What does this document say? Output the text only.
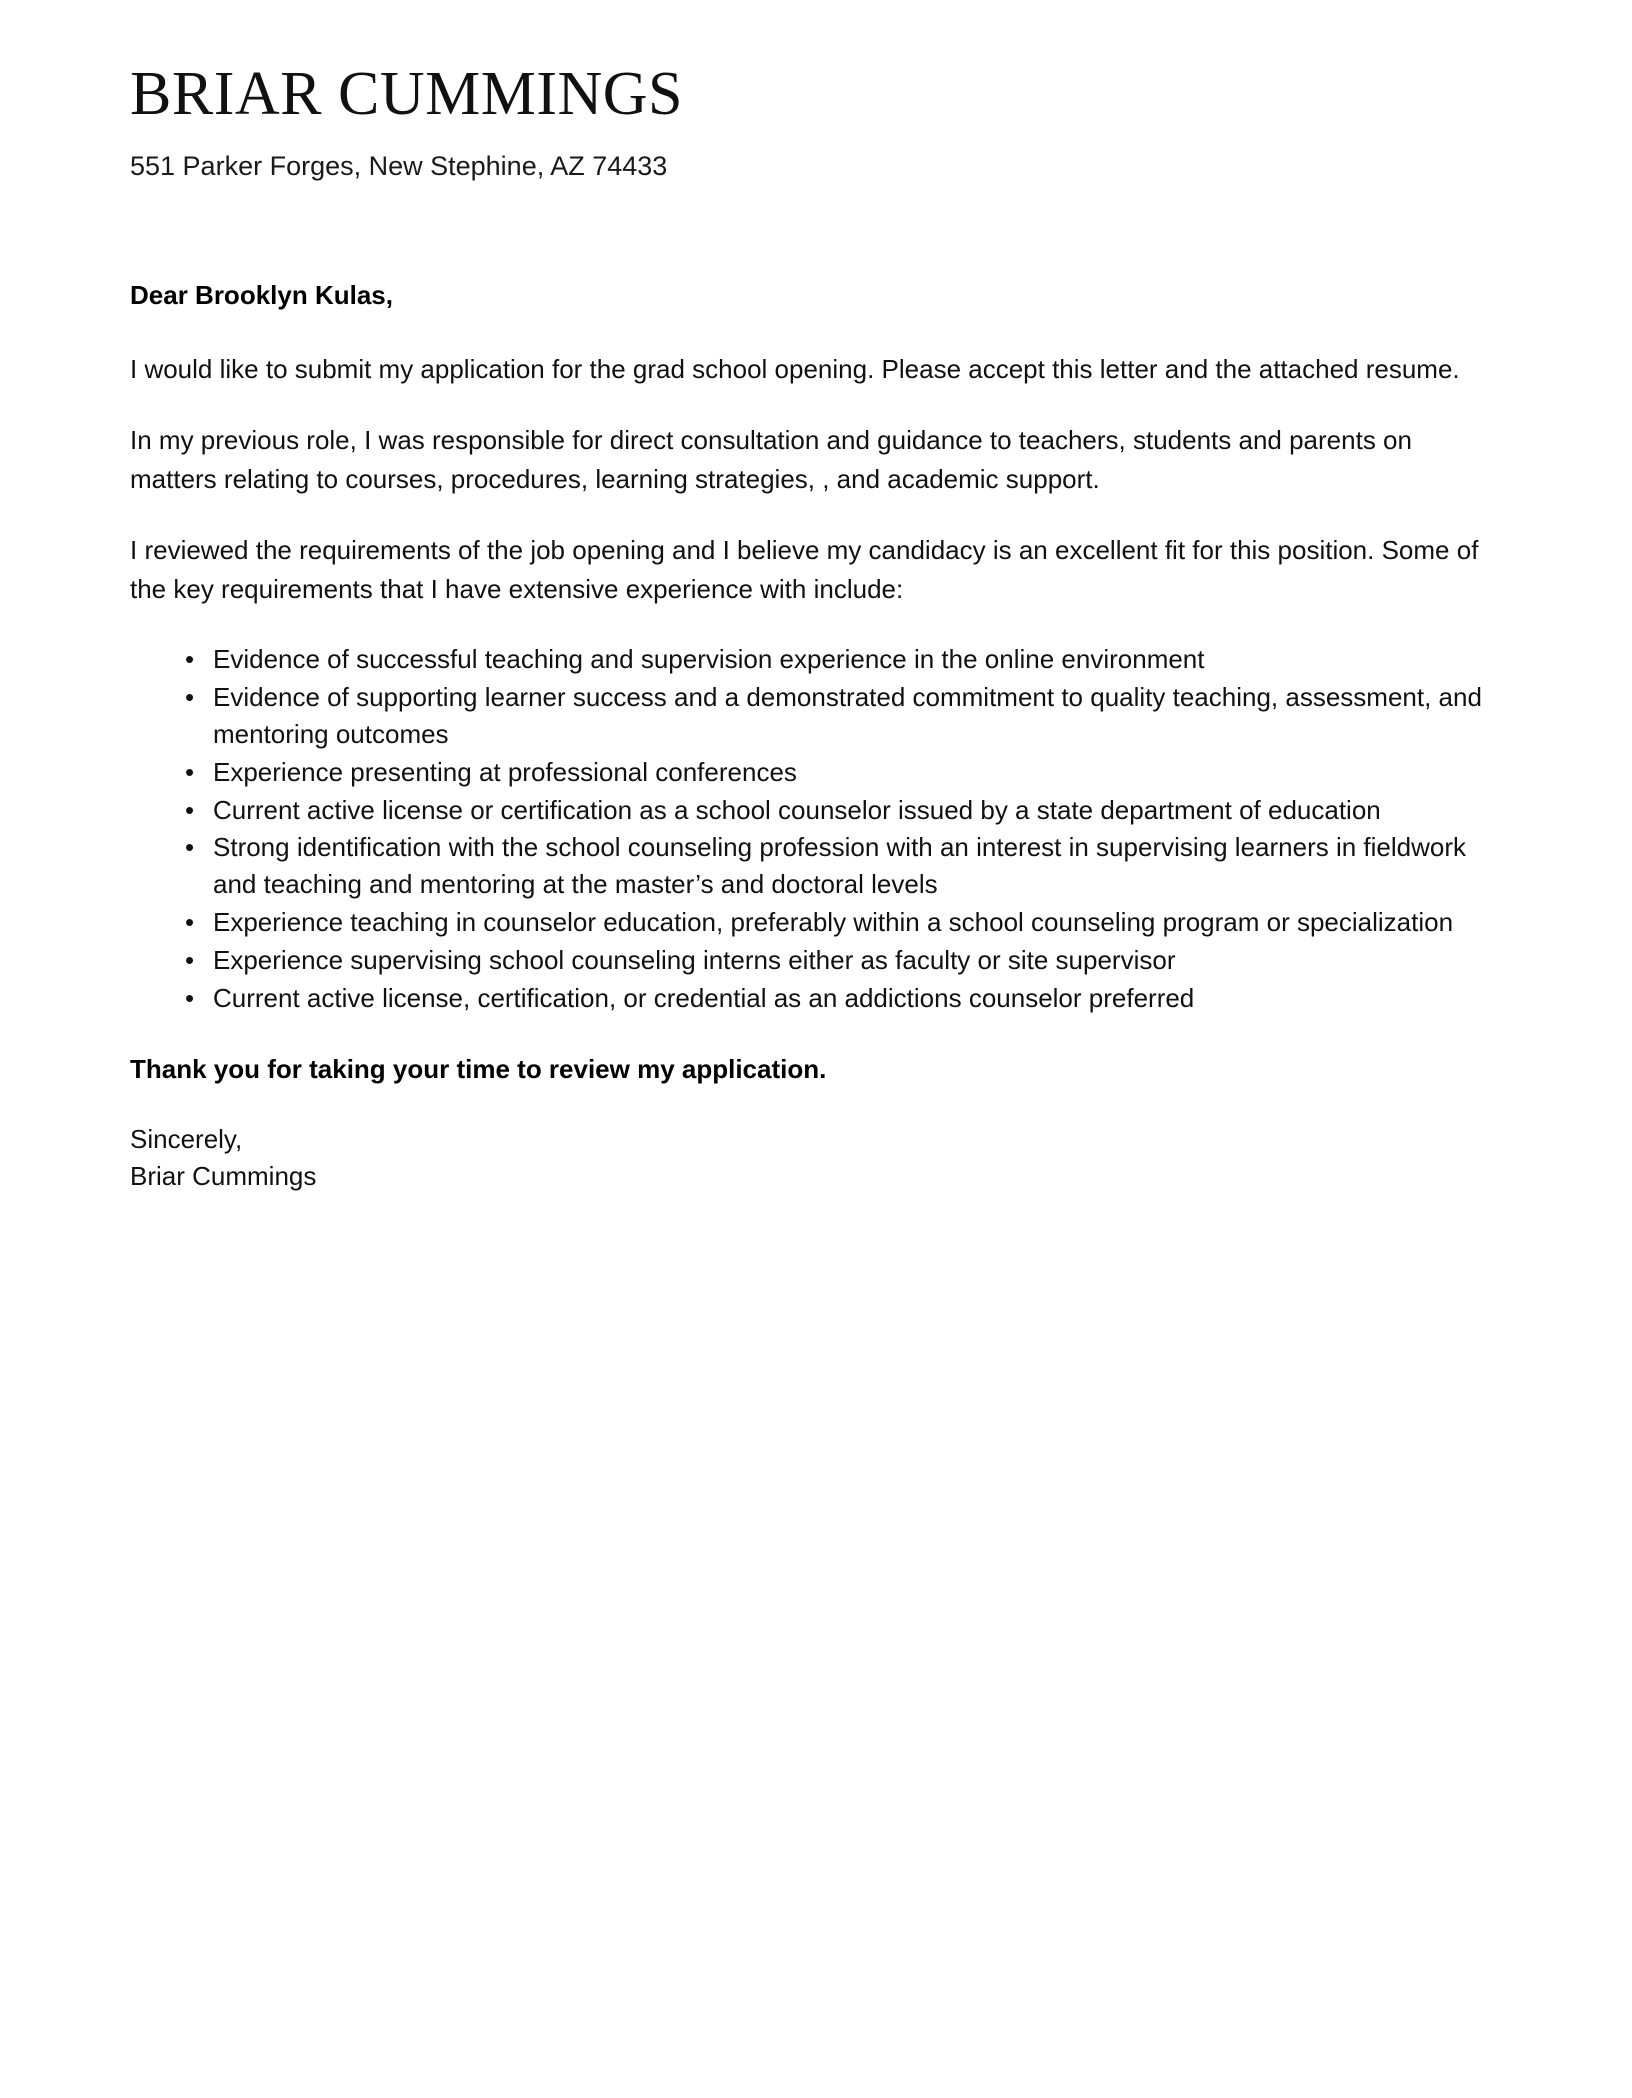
BRIAR CUMMINGS

551 Parker Forges, New Stephine, AZ 74433

Dear Brooklyn Kulas,

I would like to submit my application for the grad school opening. Please accept this letter and the attached resume.

In my previous role, I was responsible for direct consultation and guidance to teachers, students and parents on matters relating to courses, procedures, learning strategies, , and academic support.

I reviewed the requirements of the job opening and I believe my candidacy is an excellent fit for this position. Some of the key requirements that I have extensive experience with include:

• Evidence of successful teaching and supervision experience in the online environment
• Evidence of supporting learner success and a demonstrated commitment to quality teaching, assessment, and mentoring outcomes
• Experience presenting at professional conferences
• Current active license or certification as a school counselor issued by a state department of education
• Strong identification with the school counseling profession with an interest in supervising learners in fieldwork and teaching and mentoring at the master’s and doctoral levels
• Experience teaching in counselor education, preferably within a school counseling program or specialization
• Experience supervising school counseling interns either as faculty or site supervisor
• Current active license, certification, or credential as an addictions counselor preferred

Thank you for taking your time to review my application.

Sincerely,
Briar Cummings
